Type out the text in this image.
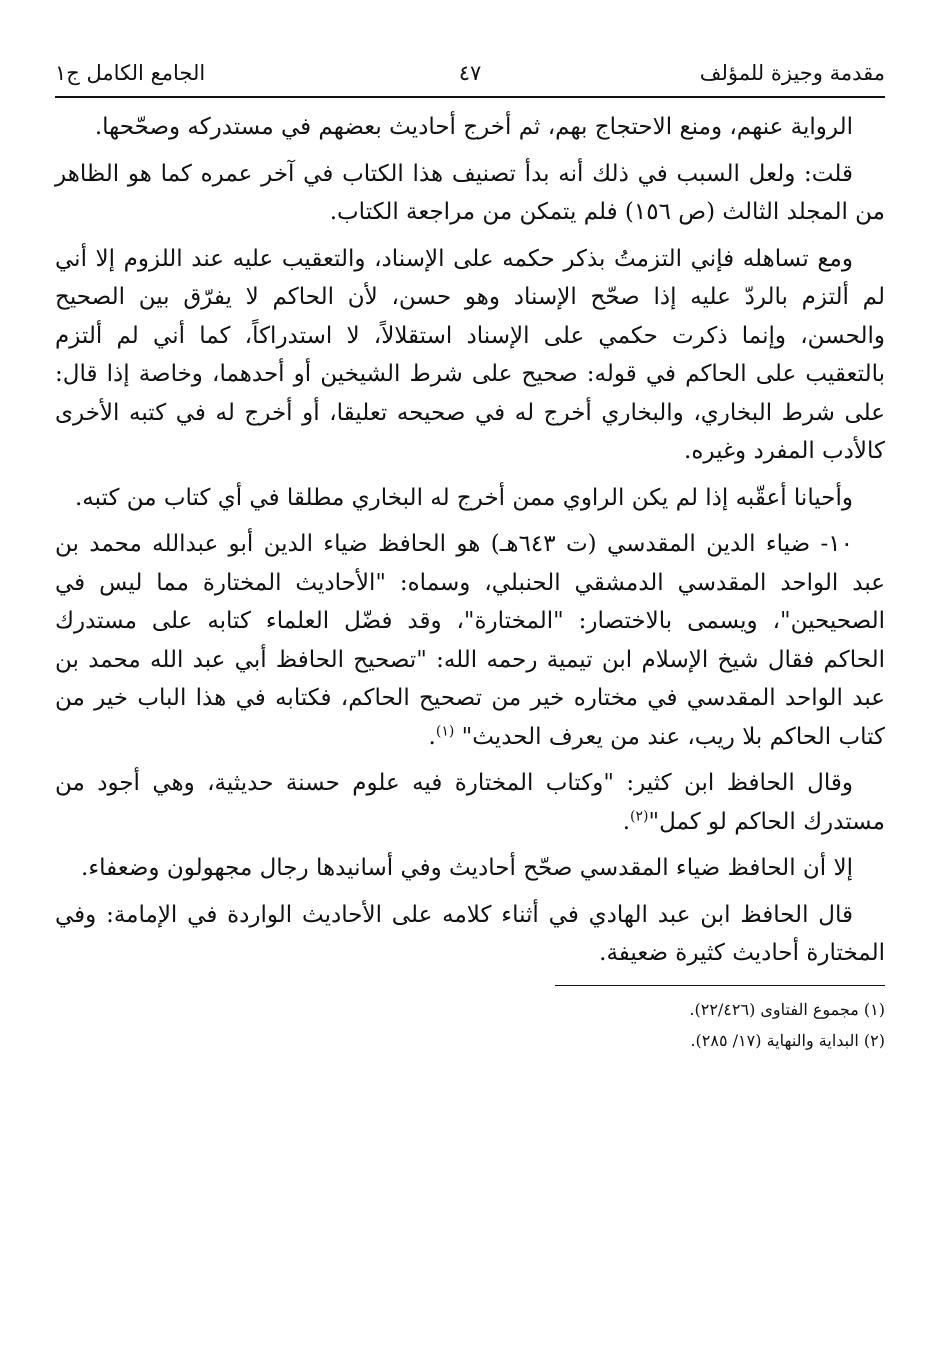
مقدمة وجيزة للمؤلف
٤٧
الجامع الكامل ج١

الرواية عنهم، ومنع الاحتجاج بهم، ثم أخرج أحاديث بعضهم في مستدركه وصحّحها.

قلت: ولعل السبب في ذلك أنه بدأ تصنيف هذا الكتاب في آخر عمره كما هو الظاهر من المجلد الثالث (ص ١٥٦) فلم يتمكن من مراجعة الكتاب.

ومع تساهله فإني التزمتُ بذكر حكمه على الإسناد، والتعقيب عليه عند اللزوم إلا أني لم ألتزم بالردّ عليه إذا صحّح الإسناد وهو حسن، لأن الحاكم لا يفرّق بين الصحيح والحسن، وإنما ذكرت حكمي على الإسناد استقلالاً، لا استدراكاً، كما أني لم ألتزم بالتعقيب على الحاكم في قوله: صحيح على شرط الشيخين أو أحدهما، وخاصة إذا قال: على شرط البخاري، والبخاري أخرج له في صحيحه تعليقا، أو أخرج له في كتبه الأخرى كالأدب المفرد وغيره.

وأحيانا أعقّبه إذا لم يكن الراوي ممن أخرج له البخاري مطلقا في أي كتاب من كتبه.

١٠- ضياء الدين المقدسي (ت ٦٤٣هـ) هو الحافظ ضياء الدين أبو عبدالله محمد بن عبد الواحد المقدسي الدمشقي الحنبلي، وسماه: "الأحاديث المختارة مما ليس في الصحيحين"، ويسمى بالاختصار: "المختارة"، وقد فضّل العلماء كتابه على مستدرك الحاكم فقال شيخ الإسلام ابن تيمية رحمه الله: "تصحيح الحافظ أبي عبد الله محمد بن عبد الواحد المقدسي في مختاره خير من تصحيح الحاكم، فكتابه في هذا الباب خير من كتاب الحاكم بلا ريب، عند من يعرف الحديث" $^{(١)}$.

وقال الحافظ ابن كثير: "وكتاب المختارة فيه علوم حسنة حديثية، وهي أجود من مستدرك الحاكم لو كمل"$^{(٢)}$.

إلا أن الحافظ ضياء المقدسي صحّح أحاديث وفي أسانيدها رجال مجهولون وضعفاء.

قال الحافظ ابن عبد الهادي في أثناء كلامه على الأحاديث الواردة في الإمامة: وفي المختارة أحاديث كثيرة ضعيفة.

(١) مجموع الفتاوى (٢٢/٤٢٦).

(٢) البداية والنهاية (١٧/ ٢٨٥).
